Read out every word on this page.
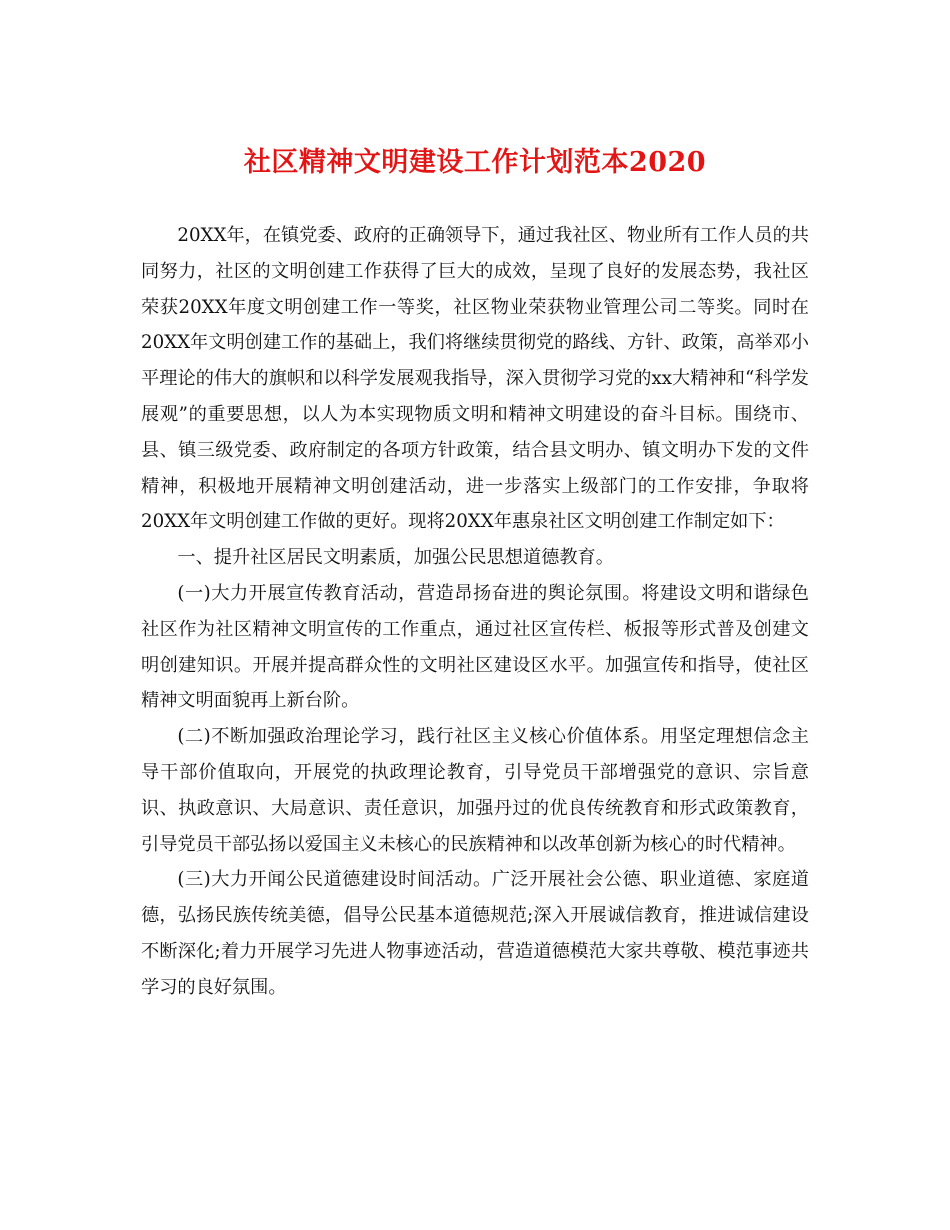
社区精神文明建设工作计划范本2020

20XX年，在镇党委、政府的正确领导下，通过我社区、物业所有工作人员的共同努力，社区的文明创建工作获得了巨大的成效，呈现了良好的发展态势，我社区荣获20XX年度文明创建工作一等奖，社区物业荣获物业管理公司二等奖。同时在20XX年文明创建工作的基础上，我们将继续贯彻党的路线、方针、政策，高举邓小平理论的伟大的旗帜和以科学发展观我指导，深入贯彻学习党的xx大精神和“科学发展观”的重要思想，以人为本实现物质文明和精神文明建设的奋斗目标。围绕市、县、镇三级党委、政府制定的各项方针政策，结合县文明办、镇文明办下发的文件精神，积极地开展精神文明创建活动，进一步落实上级部门的工作安排，争取将20XX年文明创建工作做的更好。现将20XX年惠泉社区文明创建工作制定如下：

一、提升社区居民文明素质，加强公民思想道德教育。

(一)大力开展宣传教育活动，营造昂扬奋进的舆论氛围。将建设文明和谐绿色社区作为社区精神文明宣传的工作重点，通过社区宣传栏、板报等形式普及创建文明创建知识。开展并提高群众性的文明社区建设区水平。加强宣传和指导，使社区精神文明面貌再上新台阶。

(二)不断加强政治理论学习，践行社区主义核心价值体系。用坚定理想信念主导干部价值取向，开展党的执政理论教育，引导党员干部增强党的意识、宗旨意识、执政意识、大局意识、责任意识，加强丹过的优良传统教育和形式政策教育，引导党员干部弘扬以爱国主义未核心的民族精神和以改革创新为核心的时代精神。

(三)大力开闻公民道德建设时间活动。广泛开展社会公德、职业道德、家庭道德，弘扬民族传统美德，倡导公民基本道德规范;深入开展诚信教育，推进诚信建设不断深化;着力开展学习先进人物事迹活动，营造道德模范大家共尊敬、模范事迹共学习的良好氛围。
